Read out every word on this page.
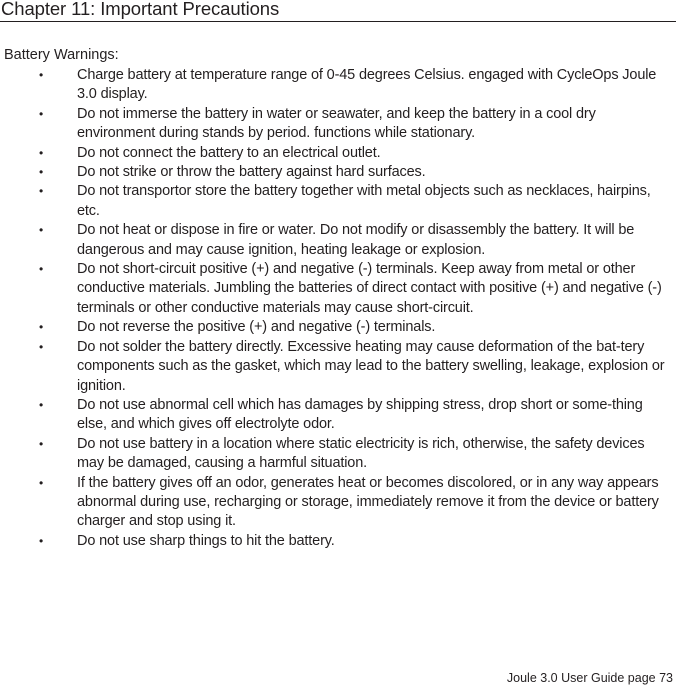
Chapter 11: Important Precautions
Battery Warnings:
• Charge battery at temperature range of 0-45 degrees Celsius. engaged with CycleOps Joule 3.0 display.
• Do not immerse the battery in water or seawater, and keep the battery in a cool dry environment during stands by period. functions while stationary.
• Do not connect the battery to an electrical outlet.
• Do not strike or throw the battery against hard surfaces.
• Do not transportor store the battery together with metal objects such as necklaces, hairpins, etc.
• Do not heat or dispose in fire or water. Do not modify or disassembly the battery. It will be dangerous and may cause ignition, heating leakage or explosion.
• Do not short-circuit positive (+) and negative (-) terminals. Keep away from metal or other conductive materials. Jumbling the batteries of direct contact with positive (+) and negative (-) terminals or other conductive materials may cause short-circuit.
• Do not reverse the positive (+) and negative (-) terminals.
• Do not solder the battery directly. Excessive heating may cause deformation of the bat-tery components such as the gasket, which may lead to the battery swelling, leakage, explosion or ignition.
• Do not use abnormal cell which has damages by shipping stress, drop short or some-thing else, and which gives off electrolyte odor.
• Do not use battery in a location where static electricity is rich, otherwise, the safety devices may be damaged, causing a harmful situation.
• If the battery gives off an odor, generates heat or becomes discolored, or in any way appears abnormal during use, recharging or storage, immediately remove it from the device or battery charger and stop using it.
• Do not use sharp things to hit the battery.
Joule 3.0 User Guide page 73
